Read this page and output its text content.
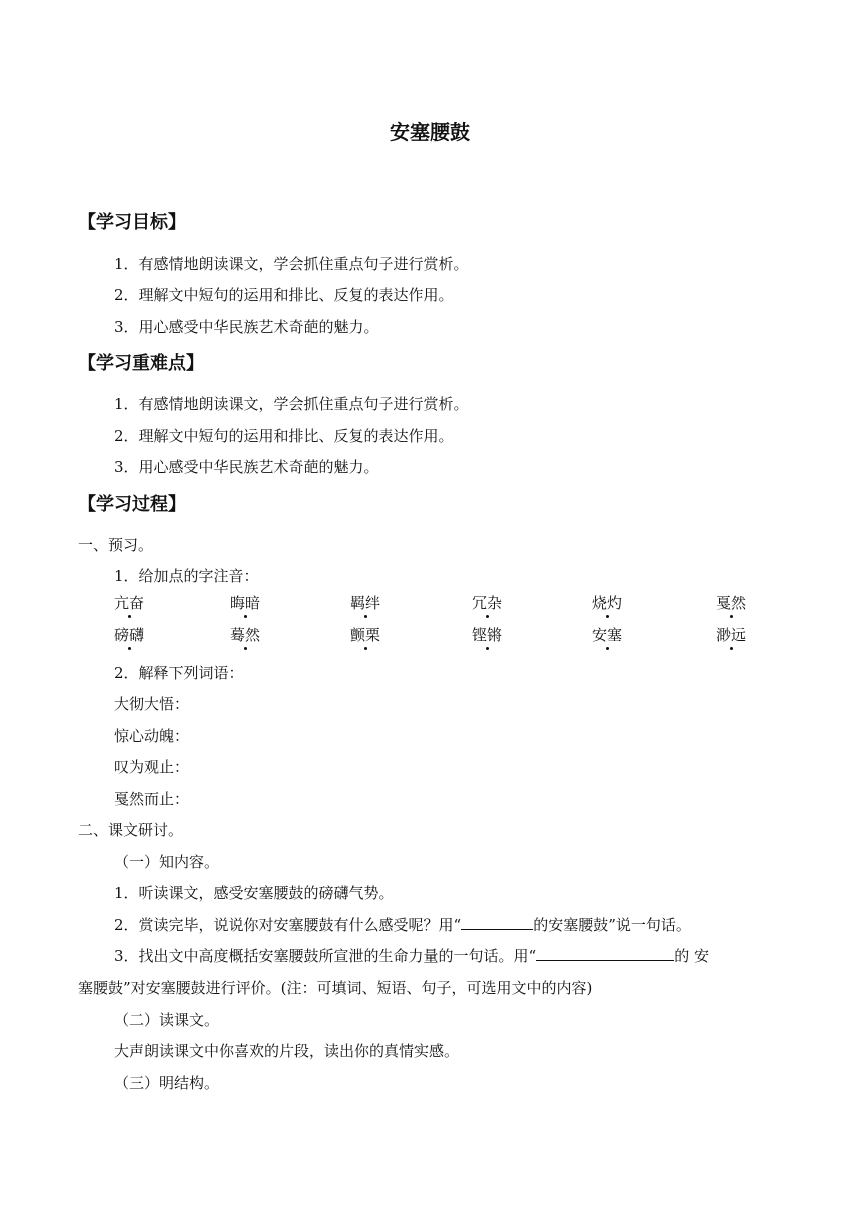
安塞腰鼓
【学习目标】
1．有感情地朗读课文，学会抓住重点句子进行赏析。
2．理解文中短句的运用和排比、反复的表达作用。
3．用心感受中华民族艺术奇葩的魅力。
【学习重难点】
1．有感情地朗读课文，学会抓住重点句子进行赏析。
2．理解文中短句的运用和排比、反复的表达作用。
3．用心感受中华民族艺术奇葩的魅力。
【学习过程】
一、预习。
1．给加点的字注音：
亢奋	晦暗	羁绊	冗杂	烧灼	戛然
磅礴	蓦然	颤栗	铿锵	安塞	渺远
2．解释下列词语：
大彻大悟：
惊心动魄：
叹为观止：
戛然而止：
二、课文研讨。
（一）知内容。
1．听读课文，感受安塞腰鼓的磅礴气势。
2．赏读完毕，说说你对安塞腰鼓有什么感受呢？用“	的安塞腰鼓”说一句话。
3．找出文中高度概括安塞腰鼓所宣泄的生命力量的一句话。用“	的 安
塞腰鼓”对安塞腰鼓进行评价。(注：可填词、短语、句子，可选用文中的内容)
（二）读课文。
大声朗读课文中你喜欢的片段，读出你的真情实感。
（三）明结构。
